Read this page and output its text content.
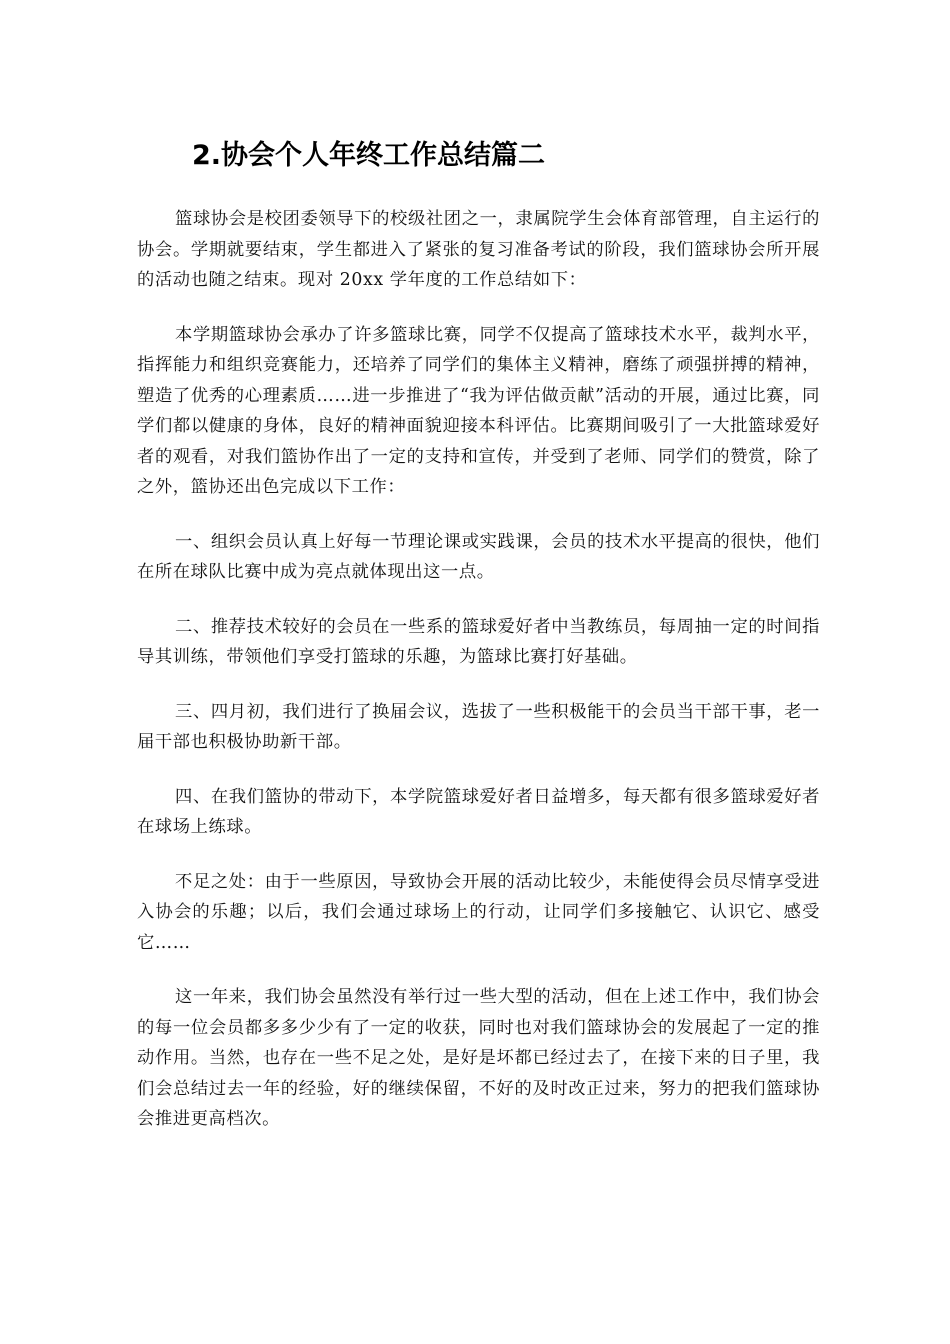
2.协会个人年终工作总结篇二

篮球协会是校团委领导下的校级社团之一，隶属院学生会体育部管理，自主运行的协会。学期就要结束，学生都进入了紧张的复习准备考试的阶段，我们篮球协会所开展的活动也随之结束。现对 20xx 学年度的工作总结如下：

本学期篮球协会承办了许多篮球比赛，同学不仅提高了篮球技术水平，裁判水平，指挥能力和组织竞赛能力，还培养了同学们的集体主义精神，磨练了顽强拼搏的精神，塑造了优秀的心理素质……进一步推进了“我为评估做贡献”活动的开展，通过比赛，同学们都以健康的身体，良好的精神面貌迎接本科评估。比赛期间吸引了一大批篮球爱好者的观看，对我们篮协作出了一定的支持和宣传，并受到了老师、同学们的赞赏，除了之外，篮协还出色完成以下工作：

一、组织会员认真上好每一节理论课或实践课，会员的技术水平提高的很快，他们在所在球队比赛中成为亮点就体现出这一点。

二、推荐技术较好的会员在一些系的篮球爱好者中当教练员，每周抽一定的时间指导其训练，带领他们享受打篮球的乐趣，为篮球比赛打好基础。

三、四月初，我们进行了换届会议，选拔了一些积极能干的会员当干部干事，老一届干部也积极协助新干部。

四、在我们篮协的带动下，本学院篮球爱好者日益增多，每天都有很多篮球爱好者在球场上练球。

不足之处：由于一些原因，导致协会开展的活动比较少，未能使得会员尽情享受进入协会的乐趣；以后，我们会通过球场上的行动，让同学们多接触它、认识它、感受它……

这一年来，我们协会虽然没有举行过一些大型的活动，但在上述工作中，我们协会的每一位会员都多多少少有了一定的收获，同时也对我们篮球协会的发展起了一定的推动作用。当然，也存在一些不足之处，是好是坏都已经过去了，在接下来的日子里，我们会总结过去一年的经验，好的继续保留，不好的及时改正过来，努力的把我们篮球协会推进更高档次。
